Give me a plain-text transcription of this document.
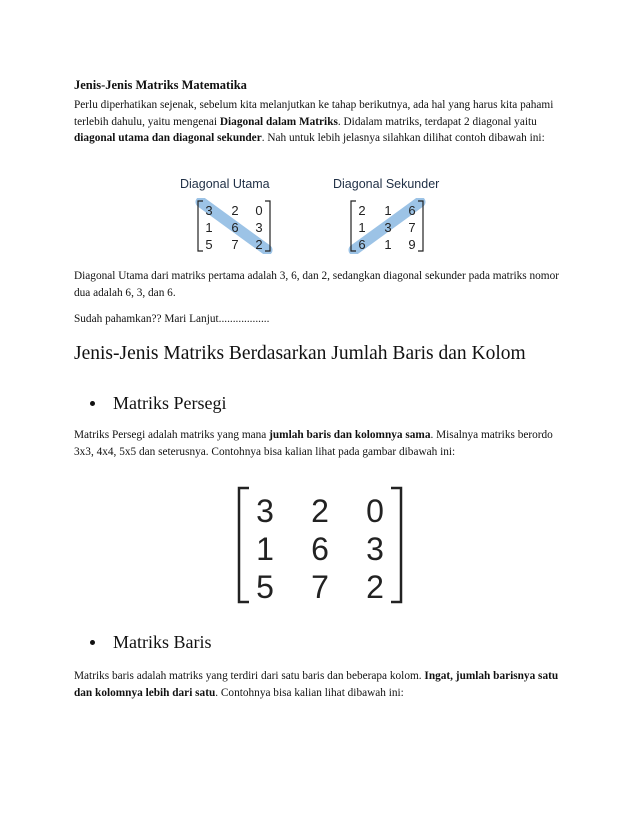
Jenis-Jenis Matriks Matematika
Perlu diperhatikan sejenak, sebelum kita melanjutkan ke tahap berikutnya, ada hal yang harus kita pahami terlebih dahulu, yaitu mengenai Diagonal dalam Matriks. Didalam matriks, terdapat 2 diagonal yaitu diagonal utama dan diagonal sekunder. Nah untuk lebih jelasnya silahkan dilihat contoh dibawah ini:
Diagonal Utama	Diagonal Sekunder
3 2 0
1 6 3
5 7 2
2 1 6
1 3 7
6 1 9
Diagonal Utama dari matriks pertama adalah 3, 6, dan 2, sedangkan diagonal sekunder pada matriks nomor dua adalah 6, 3, dan 6.
Sudah pahamkan?? Mari Lanjut..................
Jenis-Jenis Matriks Berdasarkan Jumlah Baris dan Kolom
Matriks Persegi
Matriks Persegi adalah matriks yang mana jumlah baris dan kolomnya sama. Misalnya matriks berordo 3x3, 4x4, 5x5 dan seterusnya. Contohnya bisa kalian lihat pada gambar dibawah ini:
3 2 0
1 6 3
5 7 2
Matriks Baris
Matriks baris adalah matriks yang terdiri dari satu baris dan beberapa kolom. Ingat, jumlah barisnya satu dan kolomnya lebih dari satu. Contohnya bisa kalian lihat dibawah ini:
